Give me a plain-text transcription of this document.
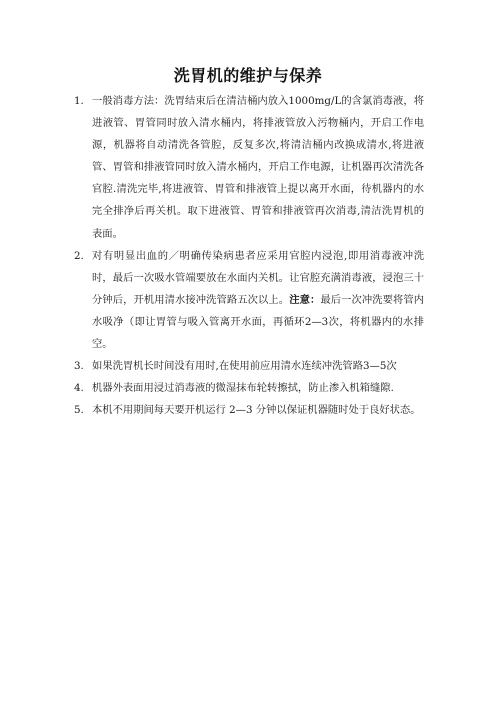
洗胃机的维护与保养
1. 一般消毒方法：洗胃结束后在清洁桶内放入1000mg/L的含氯消毒液，将进液管、胃管同时放入清水桶内，将排液管放入污物桶内，开启工作电源，机器将自动清洗各管腔，反复多次,将清洁桶内改换成清水,将进液管、胃管和排液管同时放入清水桶内，开启工作电源，让机器再次清洗各官腔.清洗完毕,将进液管、胃管和排液管上提以离开水面，待机器内的水完全排净后再关机。取下进液管、胃管和排液管再次消毒,清洁洗胃机的表面。
2. 对有明显出血的／明确传染病患者应采用官腔内浸泡,即用消毒液冲洗时，最后一次吸水管端要放在水面内关机。让官腔充满消毒液，浸泡三十分钟后，开机用清水接冲洗管路五次以上。注意：最后一次冲洗要将管内水吸净（即让胃管与吸入管离开水面，再循环2—3次，将机器内的水排空。
3. 如果洗胃机长时间没有用时,在使用前应用清水连续冲洗管路3—5次
4. 机器外表面用浸过消毒液的微湿抹布轮转擦拭，防止渗入机箱缝隙.
5. 本机不用期间每天要开机运行 2—3 分钟以保证机器随时处于良好状态。
